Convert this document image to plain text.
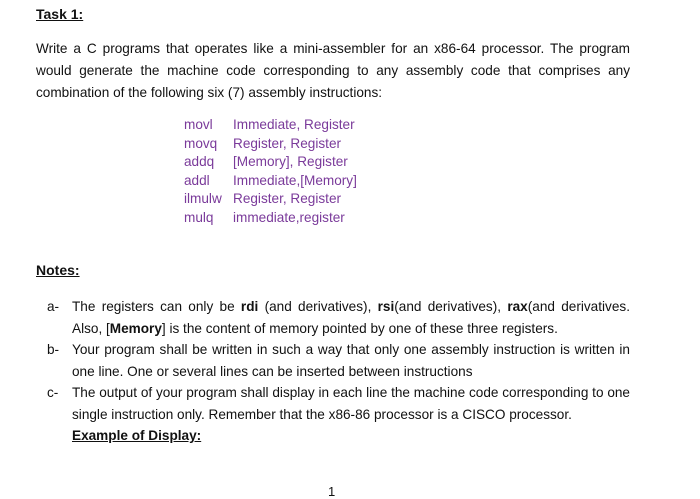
Task 1:
Write a C programs that operates like a mini-assembler for an x86-64 processor. The program would generate the machine code corresponding to any assembly code that comprises any combination of the following six (7) assembly instructions:
movl	Immediate, Register
movq	Register, Register
addq	[Memory], Register
addl	Immediate,[Memory]
ilmulw	Register, Register
mulq	immediate,register
Notes:
a- The registers can only be rdi (and derivatives), rsi(and derivatives), rax(and derivatives. Also, [Memory] is the content of memory pointed by one of these three registers.
b- Your program shall be written in such a way that only one assembly instruction is written in one line. One or several lines can be inserted between instructions
c- The output of your program shall display in each line the machine code corresponding to one single instruction only. Remember that the x86-86 processor is a CISCO processor.
Example of Display:
1
